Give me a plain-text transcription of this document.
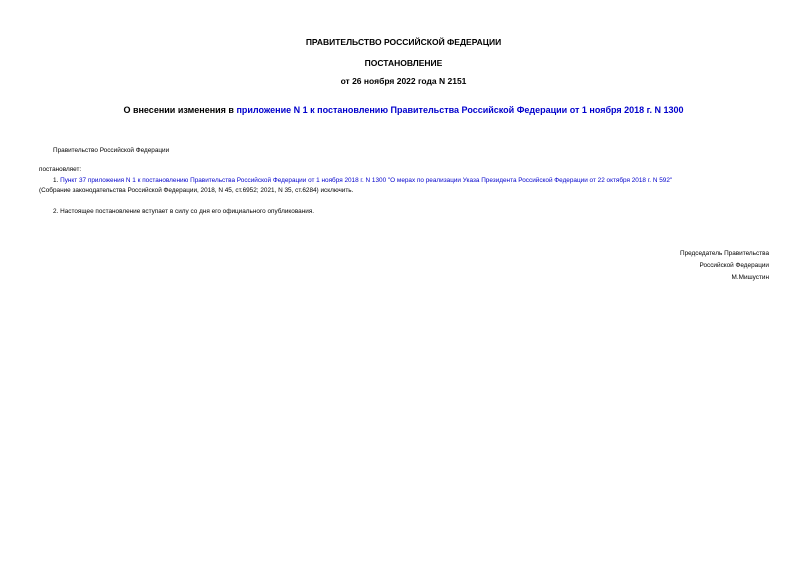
ПРАВИТЕЛЬСТВО РОССИЙСКОЙ ФЕДЕРАЦИИ
ПОСТАНОВЛЕНИЕ
от 26 ноября 2022 года N 2151
О внесении изменения в приложение N 1 к постановлению Правительства Российской Федерации от 1 ноября 2018 г. N 1300
Правительство Российской Федерации
постановляет:
1. Пункт 37 приложения N 1 к постановлению Правительства Российской Федерации от 1 ноября 2018 г. N 1300 "О мерах по реализации Указа Президента Российской Федерации от 22 октября 2018 г. N 592"
(Собрание законодательства Российской Федерации, 2018, N 45, ст.6952; 2021, N 35, ст.6284) исключить.
2. Настоящее постановление вступает в силу со дня его официального опубликования.
Председатель Правительства
Российской Федерации
М.Мишустин
